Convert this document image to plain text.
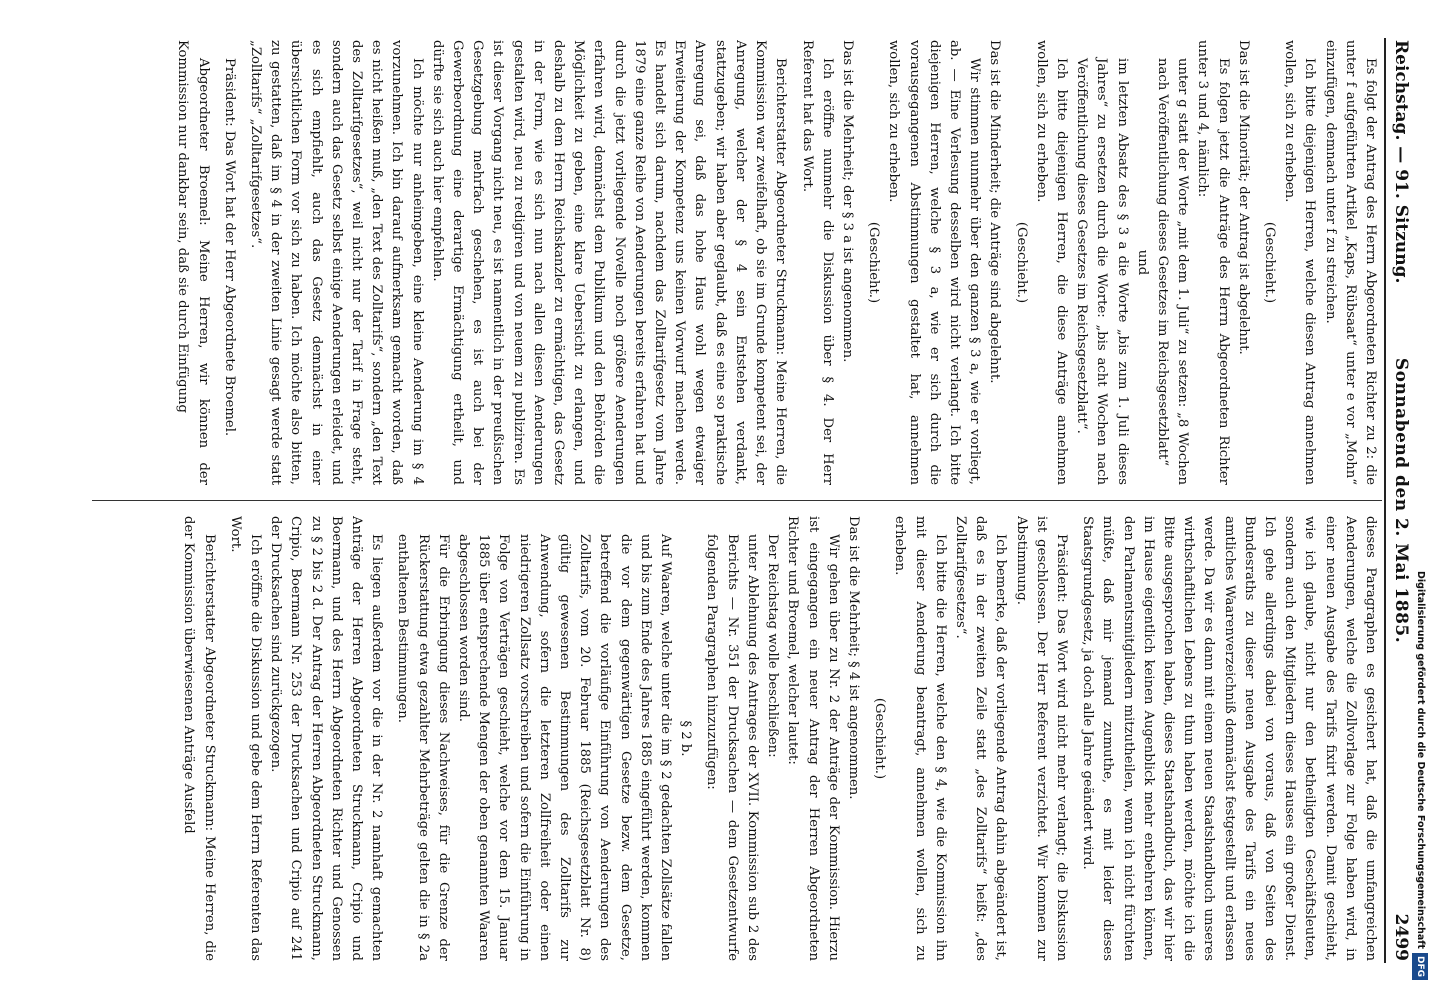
Reichstag. — 91. Sitzung.
Sonnabend den 2. Mai 1885.
2499

Es folgt der Antrag des Herrn Abgeordneten Richter zu 2: die unter f aufgeführten Artikel „Kaps, Rübsaat“ unter e vor „Mohn“ einzufügen, demnach unter f zu streichen.

Ich bitte diejenigen Herren, welche diesen Antrag annehmen wollen, sich zu erheben.

(Geschieht.)

Das ist die Minorität; der Antrag ist abgelehnt.

Es folgen jetzt die Anträge des Herrn Abgeordneten Richter unter 3 und 4, nämlich:

unter g statt der Worte „mit dem 1. Juli“ zu setzen: „8 Wochen nach Veröffentlichung dieses Gesetzes im Reichsgesetzblatt“

und

im letzten Absatz des § 3 a die Worte „bis zum 1. Juli dieses Jahres“ zu ersetzen durch die Worte: „bis acht Wochen nach Veröffentlichung dieses Gesetzes im Reichsgesetzblatt“.

Ich bitte diejenigen Herren, die diese Anträge annehmen wollen, sich zu erheben.

(Geschieht.)

Das ist die Minderheit; die Anträge sind abgelehnt.

Wir stimmen nunmehr über den ganzen § 3 a, wie er vorliegt, ab. — Eine Verlesung desselben wird nicht verlangt. Ich bitte diejenigen Herren, welche § 3 a, wie er sich durch die vorausgegangenen Abstimmungen gestaltet hat, annehmen wollen, sich zu erheben.

(Geschieht.)

Das ist die Mehrheit; der § 3 a ist angenommen.

Ich eröffne nunmehr die Diskussion über § 4. Der Herr Referent hat das Wort.

Berichterstatter Abgeordneter Struckmann: Meine Herren, die Kommission war zweifelhaft, ob sie im Grunde kompetent sei, der Anregung, welcher der § 4 sein Entstehen verdankt, stattzugeben; wir haben aber geglaubt, daß es eine so praktische Anregung sei, daß das hohe Haus wohl wegen etwaiger Erweiterung der Kompetenz uns keinen Vorwurf machen werde. Es handelt sich darum, nachdem das Zolltarifgesetz vom Jahre 1879 eine ganze Reihe von Aenderungen bereits erfahren hat und durch die jetzt vorliegende Novelle noch größere Aenderungen erfahren wird, demnächst dem Publikum und den Behörden die Möglichkeit zu geben, eine klare Uebersicht zu erlangen, und deshalb zu dem Herrn Reichskanzler zu ermächtigen, das Gesetz in der Form, wie es sich nun nach allen diesen Aenderungen gestalten wird, neu zu redigiren und von neuem zu publiziren. Es ist dieser Vorgang nicht neu, es ist namentlich in der preußischen Gesetzgebung mehrfach geschehen, es ist auch bei der Gewerbeordnung eine derartige Ermächtigung ertheilt, und dürfte sie sich auch hier empfehlen.

Ich möchte nur anheimgeben, eine kleine Aenderung im § 4 vorzunehmen. Ich bin darauf aufmerksam gemacht worden, daß es nicht heißen muß, „den Text des Zolltarifs“, sondern „den Text des Zolltarifgesetzes“, weil nicht nur der Tarif in Frage steht, sondern auch das Gesetz selbst einige Aenderungen erleidet, und es sich empfiehlt, auch das Gesetz demnächst in einer übersichtlichen Form vor sich zu haben. Ich möchte also bitten, zu gestatten, daß im § 4 in der zweiten Linie gesagt werde statt „Zolltarifs“ „Zolltarifgesetzes“.

Präsident: Das Wort hat der Herr Abgeordnete Broemel.

Abgeordneter Broemel: Meine Herren, wir können der Kommission nur dankbar sein, daß sie durch Einfügung

dieses Paragraphen es gesichert hat, daß die umfangreichen Aenderungen, welche die Zollvorlage zur Folge haben wird, in einer neuen Ausgabe des Tarifs fixirt werden. Damit geschieht, wie ich glaube, nicht nur den betheiligten Geschäftsleuten, sondern auch den Mitgliedern dieses Hauses ein großer Dienst. Ich gehe allerdings dabei von voraus, daß von Seiten des Bundesraths zu dieser neuen Ausgabe des Tarifs ein neues amtliches Waarenverzeichniß demnächst festgestellt und erlassen werde. Da wir es dann mit einem neuen Staatshandbuch unseres wirthschaftlichen Lebens zu thun haben werden, möchte ich die Bitte ausgesprochen haben, dieses Staatshandbuch, das wir hier im Hause eigentlich keinen Augenblick mehr entbehren können, den Parlamentsmitgliedern mitzutheilen, wenn ich nicht fürchten müßte, daß mir jemand zumuthe, es mit leider dieses Staatsgrundgesetz, ja doch alle Jahre geändert wird.

Präsident: Das Wort wird nicht mehr verlangt; die Diskussion ist geschlossen. Der Herr Referent verzichtet. Wir kommen zur Abstimmung.

Ich bemerke, daß der vorliegende Antrag dahin abgeändert ist, daß es in der zweiten Zeile statt „des Zolltarifs“ heißt: „des Zolltarifgesetzes“.

Ich bitte die Herren, welche den § 4, wie die Kommission ihn mit dieser Aenderung beantragt, annehmen wollen, sich zu erheben.

(Geschieht.)

Das ist die Mehrheit; § 4 ist angenommen.

Wir gehen über zu Nr. 2 der Anträge der Kommission. Hierzu ist eingegangen ein neuer Antrag der Herren Abgeordneten Richter und Broemel, welcher lautet:

Der Reichstag wolle beschließen:

unter Ablehnung des Antrages der XVII. Kommission sub 2 des Berichts — Nr. 351 der Drucksachen — dem Gesetzentwurfe folgenden Paragraphen hinzuzufügen:

§ 2 b.

Auf Waaren, welche unter die im § 2 gedachten Zollsätze fallen und bis zum Ende des Jahres 1885 eingeführt werden, kommen die vor dem gegenwärtigen Gesetze bezw. dem Gesetze, betreffend die vorläufige Einführung von Aenderungen des Zolltarifs, vom 20. Februar 1885 (Reichsgesetzblatt Nr. 8) gültig gewesenen Bestimmungen des Zolltarifs zur Anwendung, sofern die letzteren Zollfreiheit oder einen niedrigeren Zollsatz vorschreiben und sofern die Einführung in Folge von Verträgen geschieht, welche vor dem 15. Januar 1885 über entsprechende Mengen der oben genannten Waaren abgeschlossen worden sind.

Für die Erbringung dieses Nachweises, für die Grenze der Rückerstattung etwa gezahlter Mehrbeträge gelten die in § 2a enthaltenen Bestimmungen.

Es liegen außerdem vor die in der Nr. 2 namhaft gemachten Anträge der Herren Abgeordneten Struckmann, Cripio und Boermann, und des Herrn Abgeordneten Richter und Genossen zu § 2 bis 2 d. Der Antrag der Herren Abgeordneten Struckmann, Cripio, Boermann Nr. 253 der Drucksachen und Cripio auf 241 der Drucksachen sind zurückgezogen.

Ich eröffne die Diskussion und gebe dem Herrn Referenten das Wort.

Berichterstatter Abgeordneter Struckmann: Meine Herren, die der Kommission überwiesenen Anträge Ausfeld	Digitalisierung gefördert durch die Deutsche ForschungsgemeinschaftDFG
